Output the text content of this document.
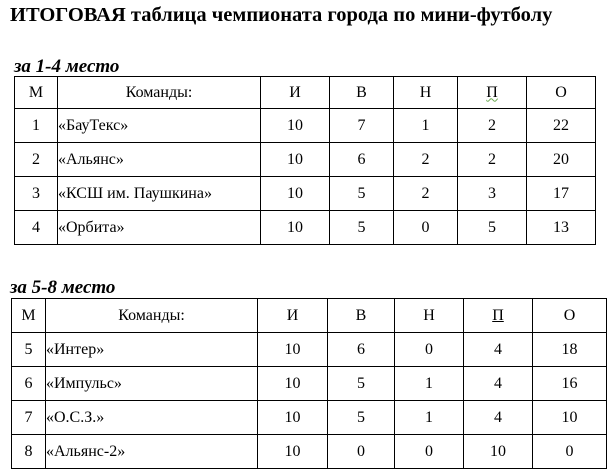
ИТОГОВАЯ таблица чемпионата города по мини-футболу
за 1-4 место
М	Команды:	И	В	Н	П	О
1	«БауТекс»	10	7	1	2	22
2	«Альянс»	10	6	2	2	20
3	«КСШ им. Паушкина»	10	5	2	3	17
4	«Орбита»	10	5	0	5	13
за 5-8 место
М	Команды:	И	В	Н	П	О
5	«Интер»	10	6	0	4	18
6	«Импульс»	10	5	1	4	16
7	«О.С.З.»	10	5	1	4	10
8	«Альянс-2»	10	0	0	10	0
